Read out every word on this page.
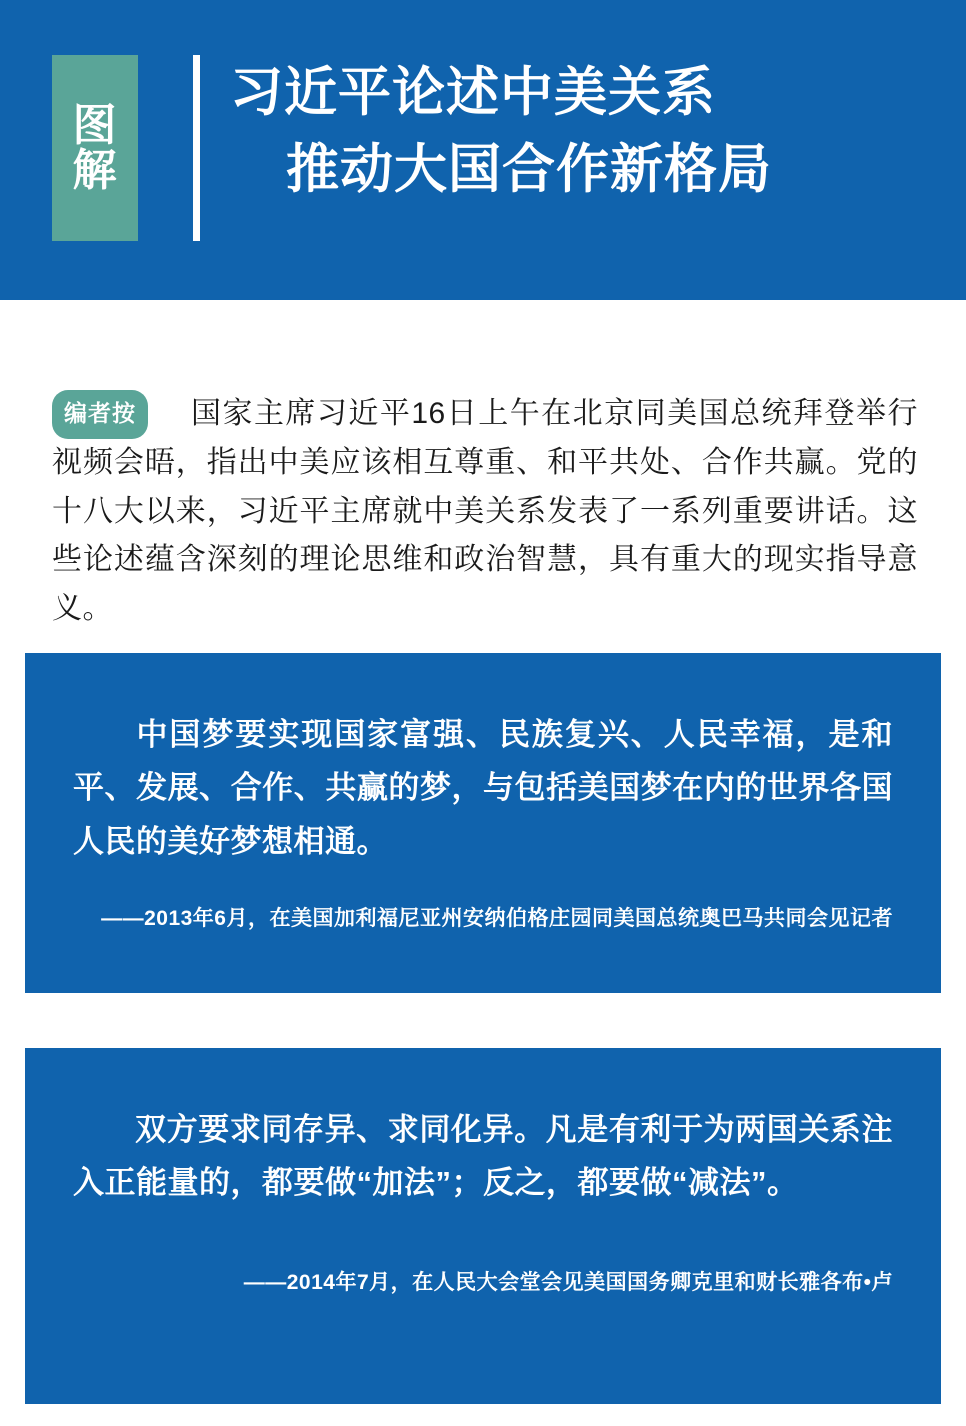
图
解
习近平论述中美关系
推动大国合作新格局

编者按 国家主席习近平16日上午在北京同美国总统拜登举行视频会晤，指出中美应该相互尊重、和平共处、合作共赢。党的十八大以来，习近平主席就中美关系发表了一系列重要讲话。这些论述蕴含深刻的理论思维和政治智慧，具有重大的现实指导意义。

中国梦要实现国家富强、民族复兴、人民幸福，是和平、发展、合作、共赢的梦，与包括美国梦在内的世界各国人民的美好梦想相通。
——2013年6月，在美国加利福尼亚州安纳伯格庄园同美国总统奥巴马共同会见记者
双方要求同存异、求同化异。凡是有利于为两国关系注入正能量的，都要做“加法”；反之，都要做“减法”。
——2014年7月，在人民大会堂会见美国国务卿克里和财长雅各布•卢
